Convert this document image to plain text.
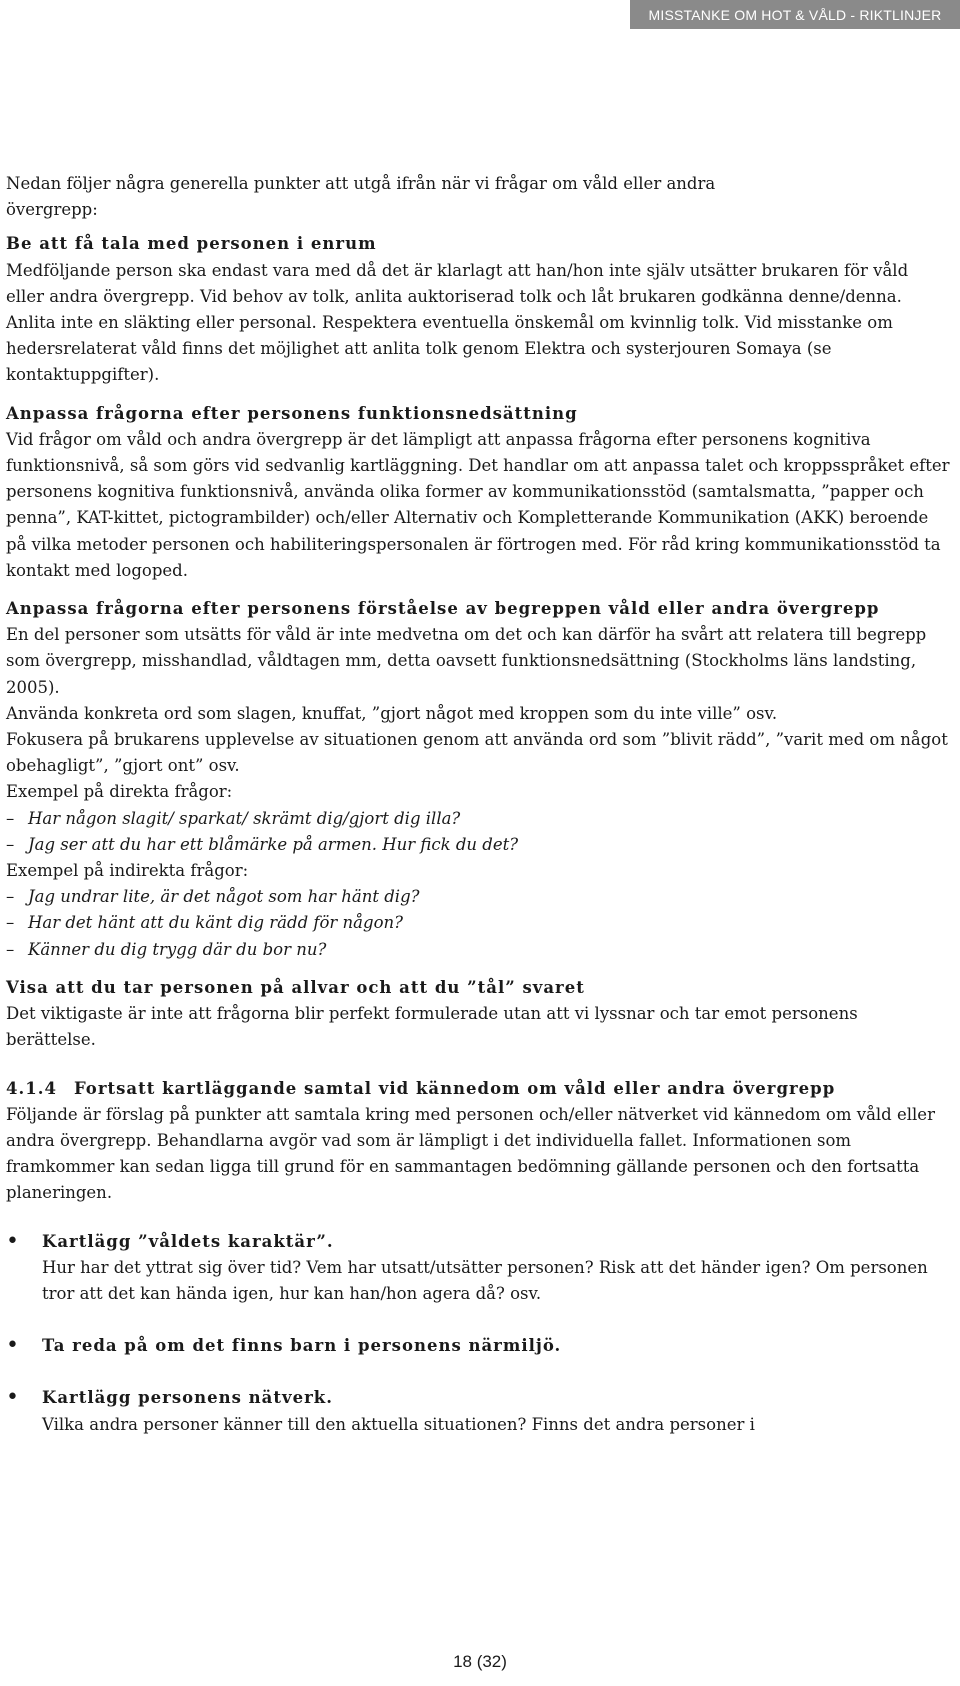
MISSTANKE OM HOT & VÅLD - RIKTLINJER

Nedan följer några generella punkter att utgå ifrån när vi frågar om våld eller andra

övergrepp:

Be att få tala med personen i enrum

Medföljande person ska endast vara med då det är klarlagt att han/hon inte själv utsätter brukaren för våld eller andra övergrepp. Vid behov av tolk, anlita auktoriserad tolk och låt brukaren godkänna denne/denna. Anlita inte en släkting eller personal. Respektera eventuella önskemål om kvinnlig tolk. Vid misstanke om hedersrelaterat våld finns det möjlighet att anlita tolk genom Elektra och systerjouren Somaya (se kontaktuppgifter).

Anpassa frågorna efter personens funktionsnedsättning

Vid frågor om våld och andra övergrepp är det lämpligt att anpassa frågorna efter personens kognitiva funktionsnivå, så som görs vid sedvanlig kartläggning. Det handlar om att anpassa talet och kroppsspråket efter personens kognitiva funktionsnivå, använda olika former av kommunikationsstöd (samtalsmatta, ”papper och penna”, KAT-kittet, pictogrambilder) och/eller Alternativ och Kompletterande Kommunikation (AKK) beroende på vilka metoder personen och habiliteringspersonalen är förtrogen med. För råd kring kommunikationsstöd ta kontakt med logoped.

Anpassa frågorna efter personens förståelse av begreppen våld eller andra övergrepp

En del personer som utsätts för våld är inte medvetna om det och kan därför ha svårt att relatera till begrepp som övergrepp, misshandlad, våldtagen mm, detta oavsett funktionsnedsättning (Stockholms läns landsting, 2005).

Använda konkreta ord som slagen, knuffat, ”gjort något med kroppen som du inte ville” osv.

Fokusera på brukarens upplevelse av situationen genom att använda ord som ”blivit rädd”, ”varit med om något obehagligt”, ”gjort ont” osv.

Exempel på direkta frågor:

– Har någon slagit/ sparkat/ skrämt dig/gjort dig illa?

– Jag ser att du har ett blåmärke på armen. Hur fick du det?

Exempel på indirekta frågor:

– Jag undrar lite, är det något som har hänt dig?

– Har det hänt att du känt dig rädd för någon?

– Känner du dig trygg där du bor nu?

Visa att du tar personen på allvar och att du ”tål” svaret

Det viktigaste är inte att frågorna blir perfekt formulerade utan att vi lyssnar och tar emot personens berättelse.

4.1.4	Fortsatt kartläggande samtal vid kännedom om våld eller andra övergrepp

Följande är förslag på punkter att samtala kring med personen och/eller nätverket vid kännedom om våld eller andra övergrepp. Behandlarna avgör vad som är lämpligt i det individuella fallet. Informationen som framkommer kan sedan ligga till grund för en sammantagen bedömning gällande personen och den fortsatta planeringen.

•	Kartlägg ”våldets karaktär”.

Hur har det yttrat sig över tid? Vem har utsatt/utsätter personen? Risk att det händer igen? Om personen tror att det kan hända igen, hur kan han/hon agera då? osv.

•	Ta reda på om det finns barn i personens närmiljö.

•	Kartlägg personens nätverk.

Vilka andra personer känner till den aktuella situationen? Finns det andra personer i

18 (32)
